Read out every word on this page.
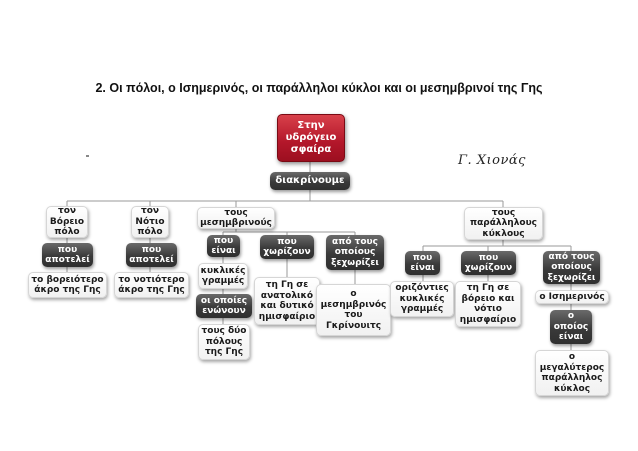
2. Οι πόλοι, ο Ισημερινός, οι παράλληλοι κύκλοι και οι μεσημβρινοί της Γης
Γ. Χιονάς
Στην υδρόγειο σφαίρα
διακρίνουμε
τον Βόρειο πόλο
που αποτελεί
το βορειότερο άκρο της Γης
τον Νότιο πόλο
που αποτελεί
το νοτιότερο άκρο της Γης
τους μεσημβρινούς
που είναι
κυκλικές γραμμές
οι οποίες ενώνουν
τους δύο πόλους της Γης
που χωρίζουν
τη Γη σε ανατολικό και δυτικό ημισφαίριο
από τους οποίους ξεχωρίζει
ο μεσημβρινός του Γκρίνουιτς
τους παράλληλους κύκλους
που είναι
οριζόντιες κυκλικές γραμμές
που χωρίζουν
τη Γη σε βόρειο και νότιο ημισφαίριο
από τους οποίους ξεχωρίζει
ο Ισημερινός
ο οποίος είναι
ο μεγαλύτερος παράλληλος κύκλος
